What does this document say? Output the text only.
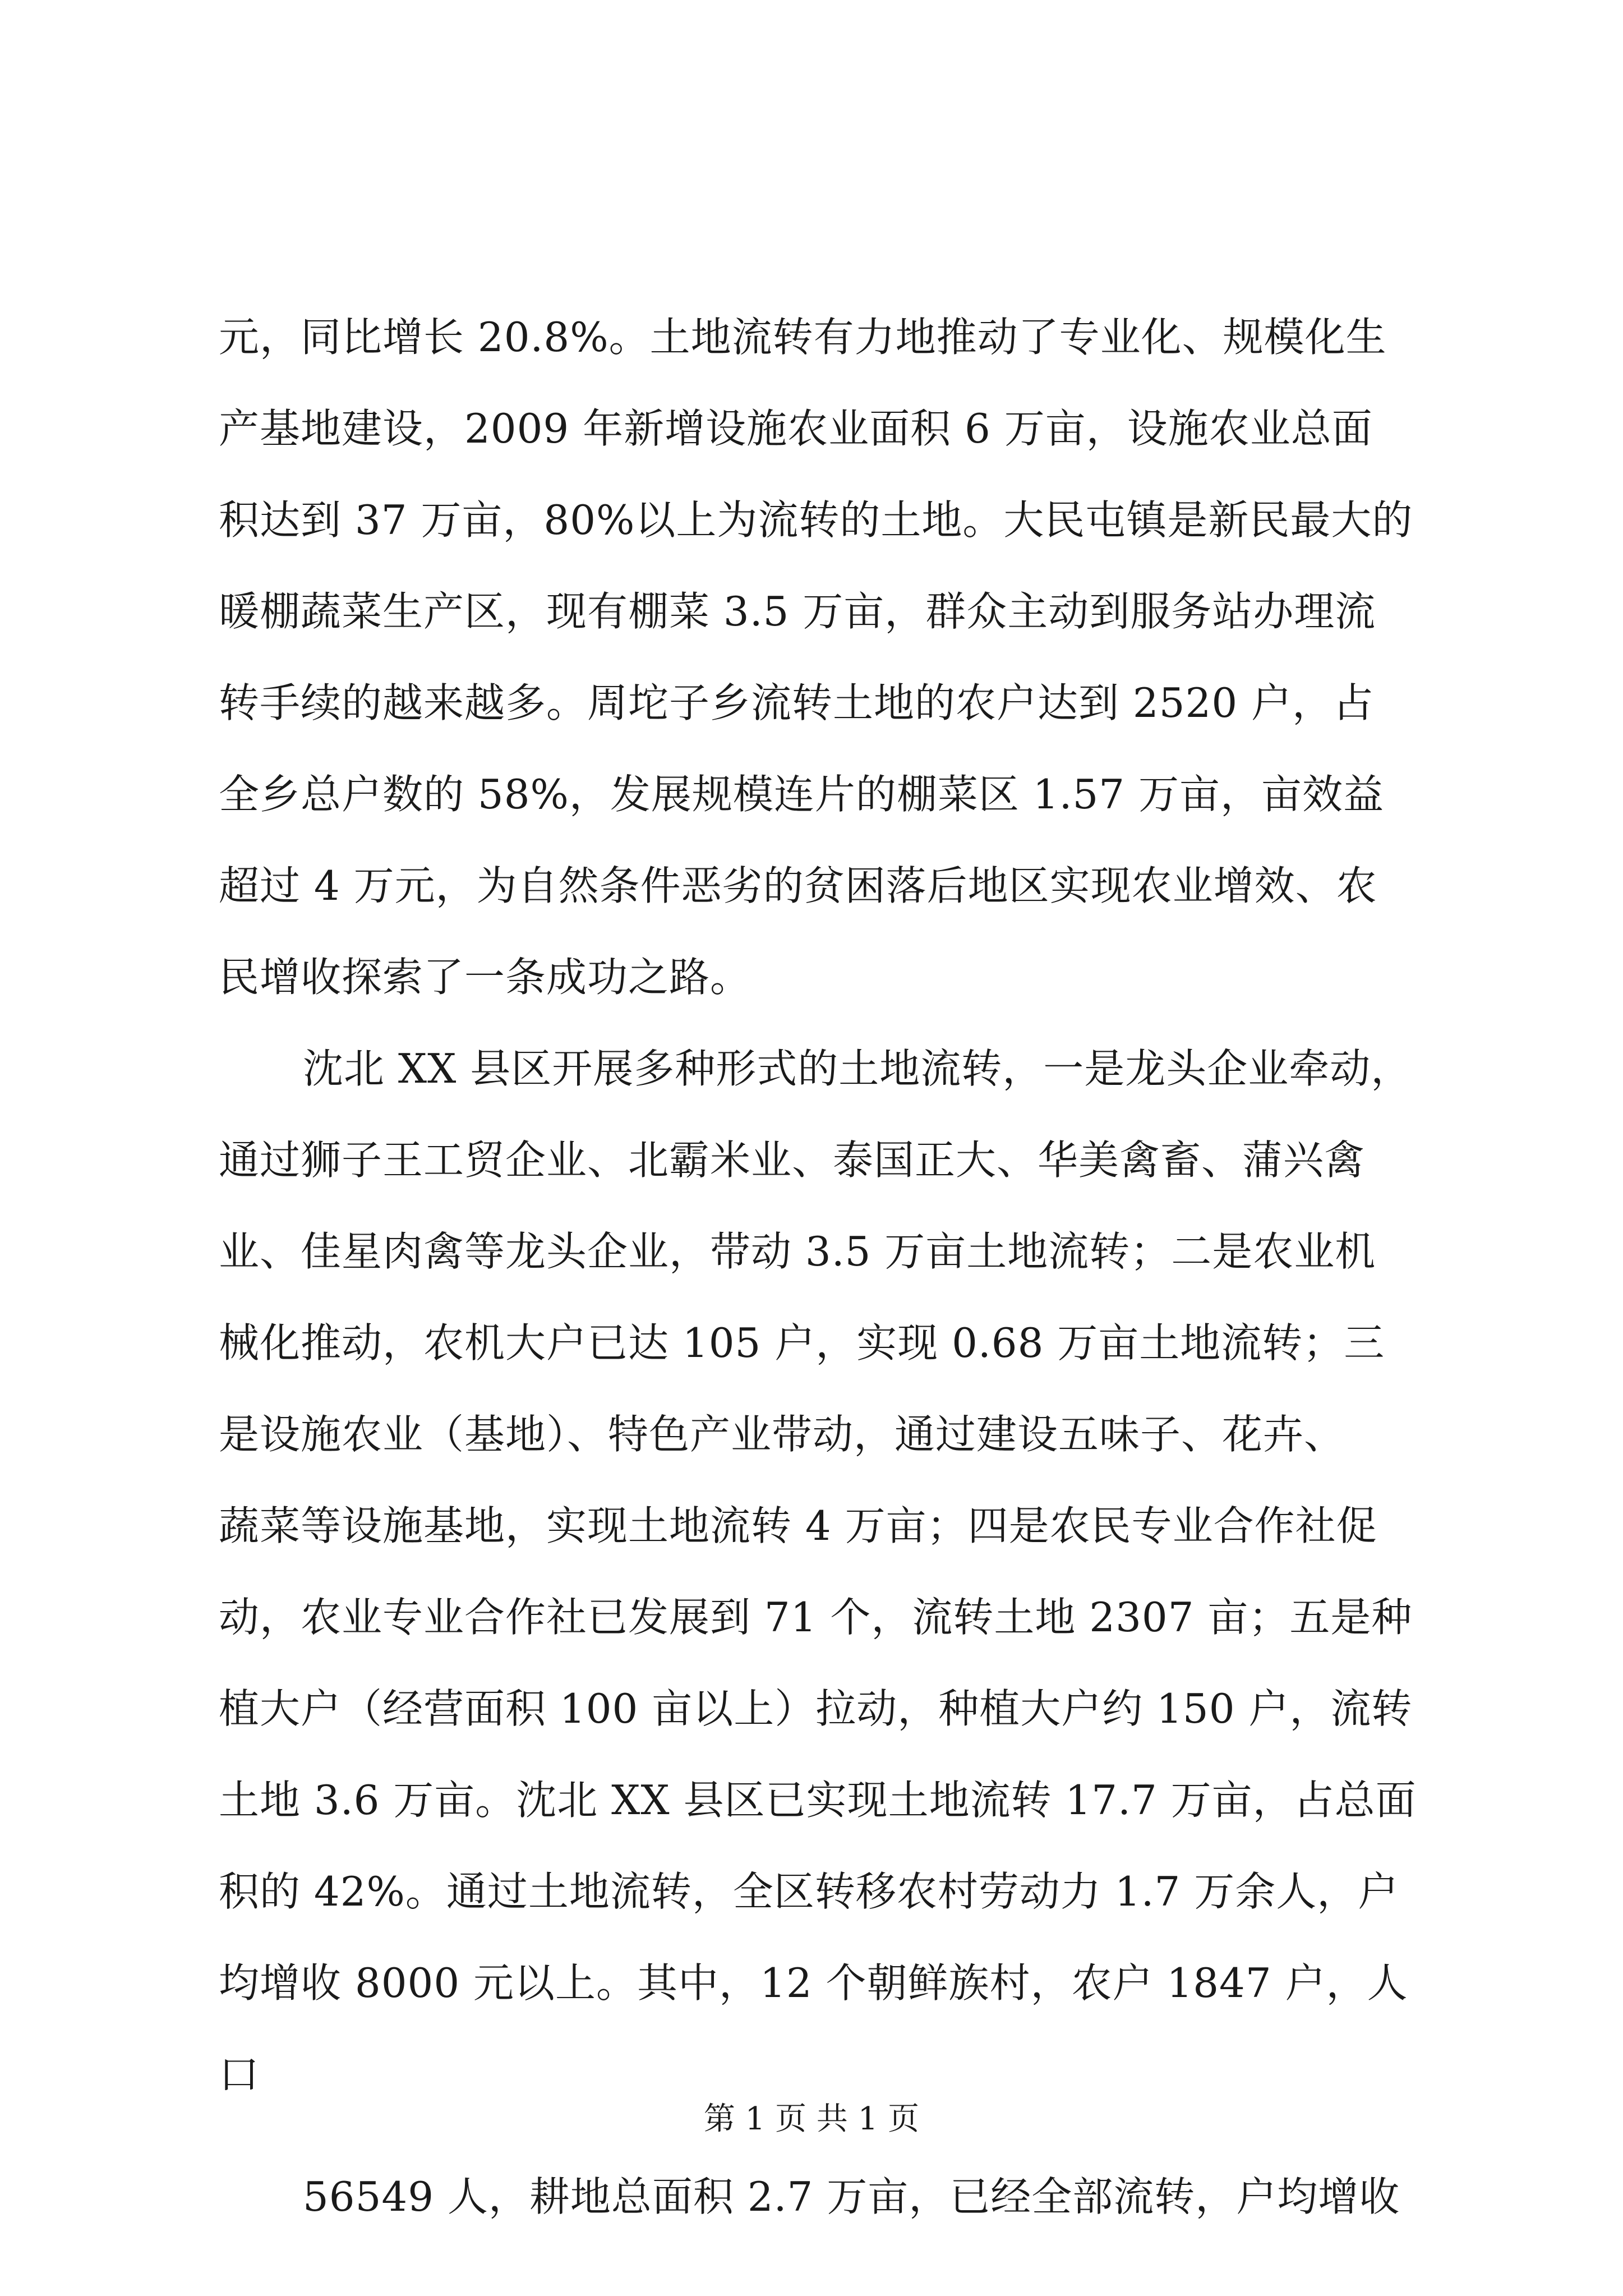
元，同比增长 20.8%。土地流转有力地推动了专业化、规模化生
产基地建设，2009 年新增设施农业面积 6 万亩，设施农业总面
积达到 37 万亩，80%以上为流转的土地。大民屯镇是新民最大的
暖棚蔬菜生产区，现有棚菜 3.5 万亩，群众主动到服务站办理流
转手续的越来越多。周坨子乡流转土地的农户达到 2520 户，占
全乡总户数的 58%，发展规模连片的棚菜区 1.57 万亩，亩效益
超过 4 万元，为自然条件恶劣的贫困落后地区实现农业增效、农
民增收探索了一条成功之路。
沈北 XX 县区开展多种形式的土地流转，一是龙头企业牵动，
通过狮子王工贸企业、北霸米业、泰国正大、华美禽畜、蒲兴禽
业、佳星肉禽等龙头企业，带动 3.5 万亩土地流转；二是农业机
械化推动，农机大户已达 105 户，实现 0.68 万亩土地流转；三
是设施农业（基地）、特色产业带动，通过建设五味子、花卉、
蔬菜等设施基地，实现土地流转 4 万亩；四是农民专业合作社促
动，农业专业合作社已发展到 71 个，流转土地 2307 亩；五是种
植大户（经营面积 100 亩以上）拉动，种植大户约 150 户，流转
土地 3.6 万亩。沈北 XX 县区已实现土地流转 17.7 万亩，占总面
积的 42%。通过土地流转，全区转移农村劳动力 1.7 万余人，户
均增收 8000 元以上。其中，12 个朝鲜族村，农户 1847 户，人
口
56549 人，耕地总面积 2.7 万亩，已经全部流转，户均增收
第 1 页 共 1 页
